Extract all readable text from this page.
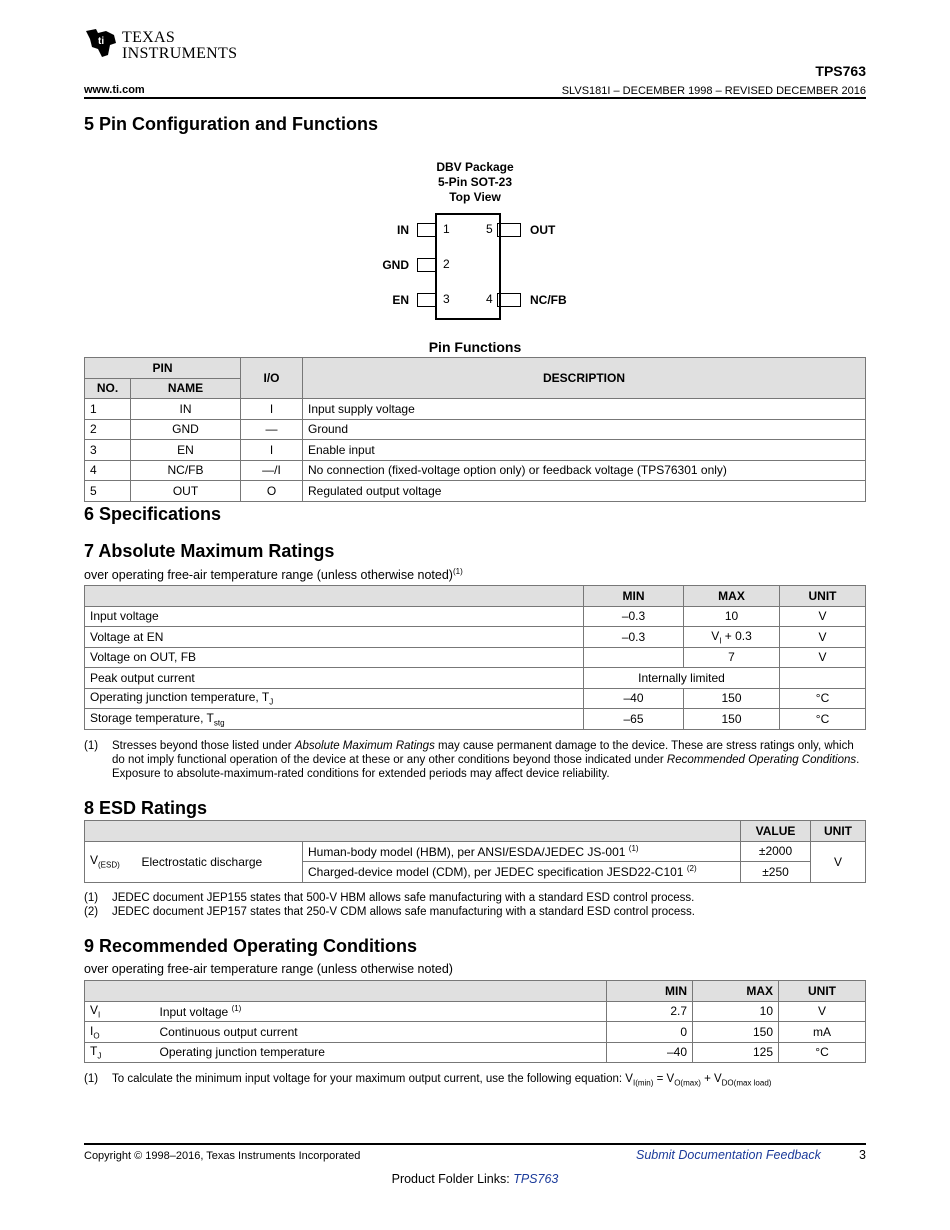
ti TEXAS
INSTRUMENTS
TPS763
www.ti.com	SLVS181I – DECEMBER 1998 – REVISED DECEMBER 2016
5 Pin Configuration and Functions
DBV Package
5-Pin SOT-23
Top View
IN
GND
EN
1
2
3
5
4
OUT
NC/FB
Pin Functions
PIN		I/O	DESCRIPTION
NO.	NAME		
1	IN	I	Input supply voltage
2	GND	—	Ground
3	EN	I	Enable input
4	NC/FB	—/I	No connection (fixed-voltage option only) or feedback voltage (TPS76301 only)
5	OUT	O	Regulated output voltage
6 Specifications
7 Absolute Maximum Ratings
over operating free-air temperature range (unless otherwise noted)$^{(1)}$
		MIN	MAX	UNIT
Input voltage		–0.3	10	V
Voltage at EN		–0.3	$V_I + 0.3$	V
Voltage on OUT, FB			7	V
Peak output current		Internally limited		
Operating junction temperature, $T_J$		–40	150	°C
Storage temperature, $T_{stg}$		–65	150	°C
(1) Stresses beyond those listed under Absolute Maximum Ratings may cause permanent damage to the device. These are stress ratings only, which do not imply functional operation of the device at these or any other conditions beyond those indicated under Recommended Operating Conditions. Exposure to absolute-maximum-rated conditions for extended periods may affect device reliability.
8 ESD Ratings
			VALUE	UNIT
$V_{(ESD)}$	Electrostatic discharge	Human-body model (HBM), per ANSI/ESDA/JEDEC JS-001 $^{(1)}$	±2000	V
		Charged-device model (CDM), per JEDEC specification JESD22-C101 $^{(2)}$	±250	
(1) JEDEC document JEP155 states that 500-V HBM allows safe manufacturing with a standard ESD control process.
(2) JEDEC document JEP157 states that 250-V CDM allows safe manufacturing with a standard ESD control process.
9 Recommended Operating Conditions
over operating free-air temperature range (unless otherwise noted)
		MIN	MAX	UNIT
$V_I$	Input voltage $^{(1)}$	2.7	10	V
$I_O$	Continuous output current	0	150	mA
$T_J$	Operating junction temperature	–40	125	°C
(1) To calculate the minimum input voltage for your maximum output current, use the following equation: $V_{I(min)} = V_{O(max)} + V_{DO(max load)}$
Copyright © 1998–2016, Texas Instruments Incorporated	Submit Documentation Feedback	3
Product Folder Links: TPS763
